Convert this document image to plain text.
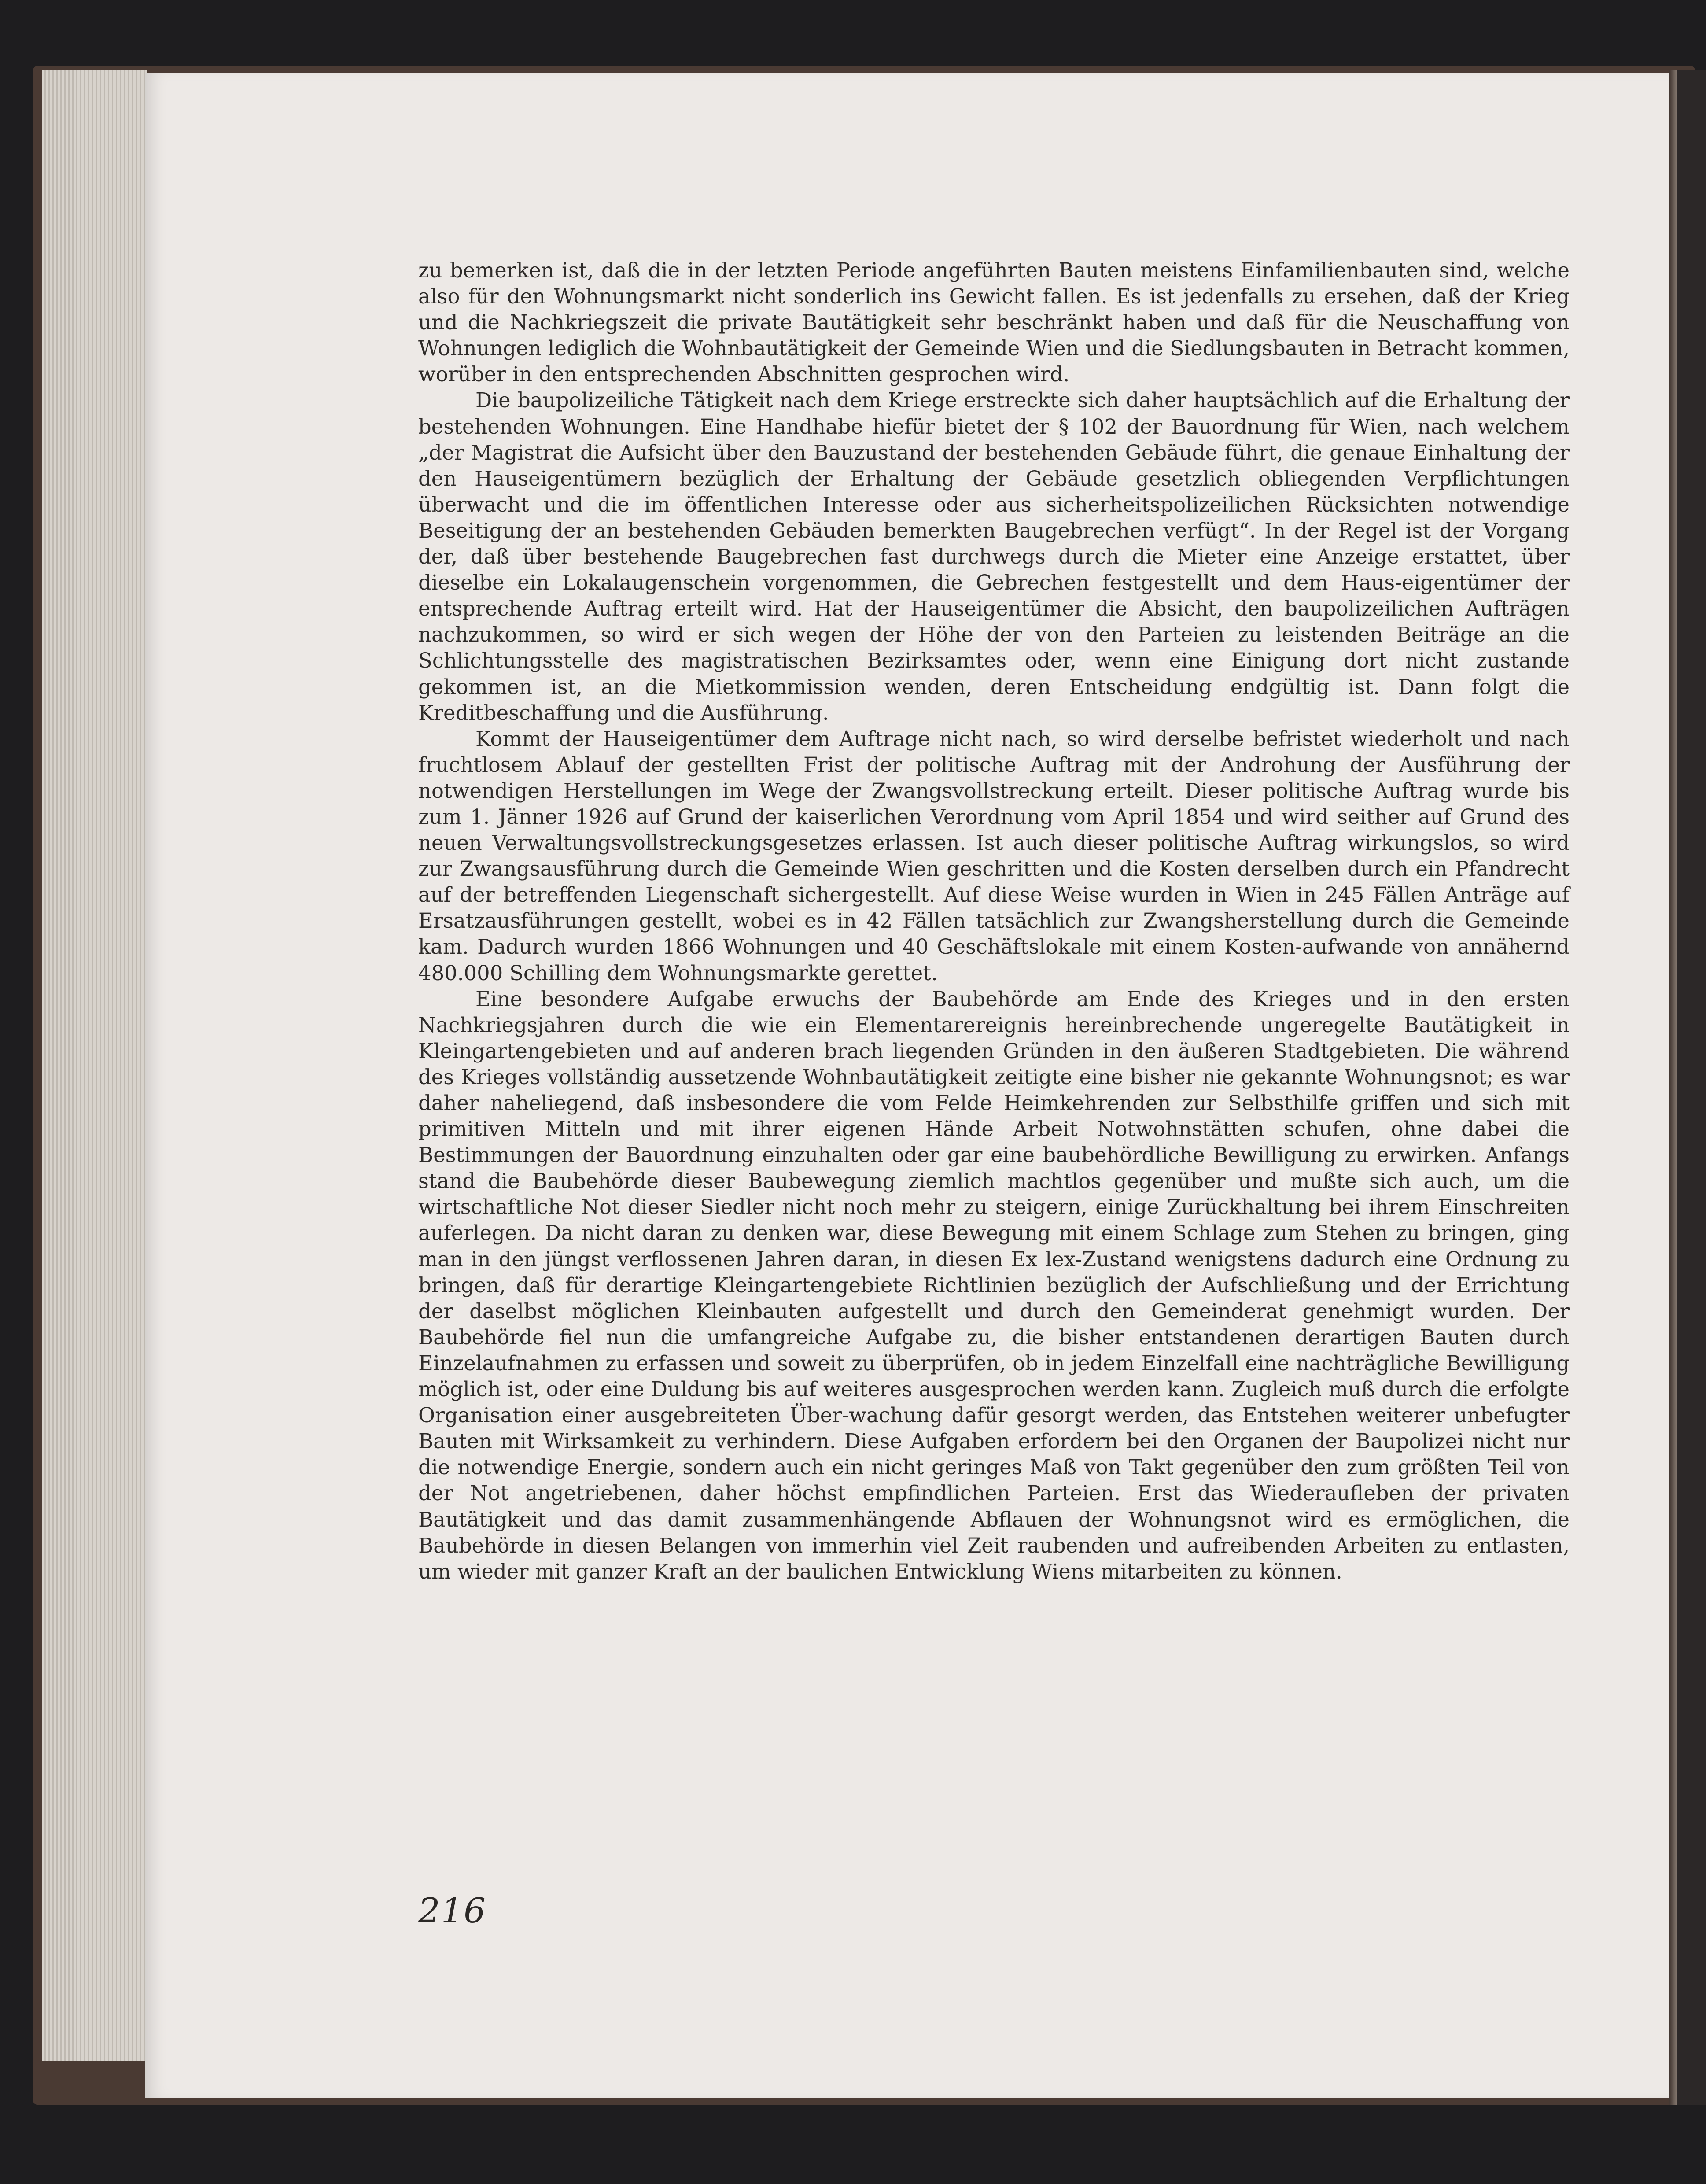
zu bemerken ist, daß die in der letzten Periode angeführten Bauten meistens Einfamilienbauten sind, welche also für den Wohnungsmarkt nicht sonderlich ins Gewicht fallen. Es ist jedenfalls zu ersehen, daß der Krieg und die Nachkriegszeit die private Bautätigkeit sehr beschränkt haben und daß für die Neuschaffung von Wohnungen lediglich die Wohnbautätigkeit der Gemeinde Wien und die Siedlungsbauten in Betracht kommen, worüber in den entsprechenden Abschnitten gesprochen wird.

Die baupolizeiliche Tätigkeit nach dem Kriege erstreckte sich daher hauptsächlich auf die Erhaltung der bestehenden Wohnungen. Eine Handhabe hiefür bietet der § 102 der Bauordnung für Wien, nach welchem „der Magistrat die Aufsicht über den Bauzustand der bestehenden Gebäude führt, die genaue Einhaltung der den Hauseigentümern bezüglich der Erhaltung der Gebäude gesetzlich obliegenden Verpflichtungen überwacht und die im öffentlichen Interesse oder aus sicherheitspolizeilichen Rücksichten notwendige Beseitigung der an bestehenden Gebäuden bemerkten Baugebrechen verfügt“. In der Regel ist der Vorgang der, daß über bestehende Baugebrechen fast durchwegs durch die Mieter eine Anzeige erstattet, über dieselbe ein Lokalaugenschein vorgenommen, die Gebrechen festgestellt und dem Haus-eigentümer der entsprechende Auftrag erteilt wird. Hat der Hauseigentümer die Absicht, den baupolizeilichen Aufträgen nachzukommen, so wird er sich wegen der Höhe der von den Parteien zu leistenden Beiträge an die Schlichtungsstelle des magistratischen Bezirksamtes oder, wenn eine Einigung dort nicht zustande gekommen ist, an die Mietkommission wenden, deren Entscheidung endgültig ist. Dann folgt die Kreditbeschaffung und die Ausführung.

Kommt der Hauseigentümer dem Auftrage nicht nach, so wird derselbe befristet wiederholt und nach fruchtlosem Ablauf der gestellten Frist der politische Auftrag mit der Androhung der Ausführung der notwendigen Herstellungen im Wege der Zwangsvollstreckung erteilt. Dieser politische Auftrag wurde bis zum 1. Jänner 1926 auf Grund der kaiserlichen Verordnung vom April 1854 und wird seither auf Grund des neuen Verwaltungsvollstreckungsgesetzes erlassen. Ist auch dieser politische Auftrag wirkungslos, so wird zur Zwangsausführung durch die Gemeinde Wien geschritten und die Kosten derselben durch ein Pfandrecht auf der betreffenden Liegenschaft sichergestellt. Auf diese Weise wurden in Wien in 245 Fällen Anträge auf Ersatzausführungen gestellt, wobei es in 42 Fällen tatsächlich zur Zwangsherstellung durch die Gemeinde kam. Dadurch wurden 1866 Wohnungen und 40 Geschäftslokale mit einem Kosten-aufwande von annähernd 480.000 Schilling dem Wohnungsmarkte gerettet.

Eine besondere Aufgabe erwuchs der Baubehörde am Ende des Krieges und in den ersten Nachkriegsjahren durch die wie ein Elementarereignis hereinbrechende ungeregelte Bautätigkeit in Kleingartengebieten und auf anderen brach liegenden Gründen in den äußeren Stadtgebieten. Die während des Krieges vollständig aussetzende Wohnbautätigkeit zeitigte eine bisher nie gekannte Wohnungsnot; es war daher naheliegend, daß insbesondere die vom Felde Heimkehrenden zur Selbsthilfe griffen und sich mit primitiven Mitteln und mit ihrer eigenen Hände Arbeit Notwohnstätten schufen, ohne dabei die Bestimmungen der Bauordnung einzuhalten oder gar eine baubehördliche Bewilligung zu erwirken. Anfangs stand die Baubehörde dieser Baubewegung ziemlich machtlos gegenüber und mußte sich auch, um die wirtschaftliche Not dieser Siedler nicht noch mehr zu steigern, einige Zurückhaltung bei ihrem Einschreiten auferlegen. Da nicht daran zu denken war, diese Bewegung mit einem Schlage zum Stehen zu bringen, ging man in den jüngst verflossenen Jahren daran, in diesen Ex lex-Zustand wenigstens dadurch eine Ordnung zu bringen, daß für derartige Kleingartengebiete Richtlinien bezüglich der Aufschließung und der Errichtung der daselbst möglichen Kleinbauten aufgestellt und durch den Gemeinderat genehmigt wurden. Der Baubehörde fiel nun die umfangreiche Aufgabe zu, die bisher entstandenen derartigen Bauten durch Einzelaufnahmen zu erfassen und soweit zu überprüfen, ob in jedem Einzelfall eine nachträgliche Bewilligung möglich ist, oder eine Duldung bis auf weiteres ausgesprochen werden kann. Zugleich muß durch die erfolgte Organisation einer ausgebreiteten Über-wachung dafür gesorgt werden, das Entstehen weiterer unbefugter Bauten mit Wirksamkeit zu verhindern. Diese Aufgaben erfordern bei den Organen der Baupolizei nicht nur die notwendige Energie, sondern auch ein nicht geringes Maß von Takt gegenüber den zum größten Teil von der Not angetriebenen, daher höchst empfindlichen Parteien. Erst das Wiederaufleben der privaten Bautätigkeit und das damit zusammenhängende Abflauen der Wohnungsnot wird es ermöglichen, die Baubehörde in diesen Belangen von immerhin viel Zeit raubenden und aufreibenden Arbeiten zu entlasten, um wieder mit ganzer Kraft an der baulichen Entwicklung Wiens mitarbeiten zu können.

216
